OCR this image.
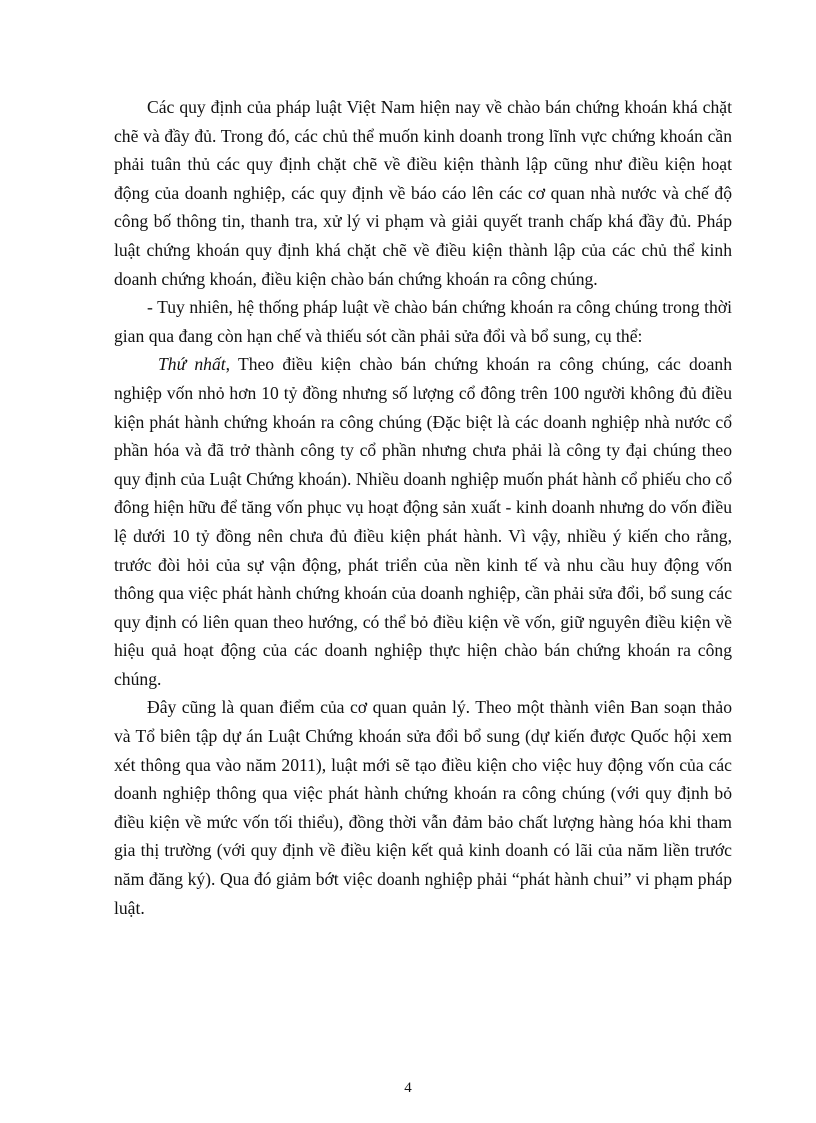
Các quy định của pháp luật Việt Nam hiện nay về chào bán chứng khoán khá chặt chẽ và đầy đủ. Trong đó, các chủ thể muốn kinh doanh trong lĩnh vực chứng khoán cần phải tuân thủ các quy định chặt chẽ về điều kiện thành lập cũng như điều kiện hoạt động của doanh nghiệp, các quy định về báo cáo lên các cơ quan nhà nước và chế độ công bố thông tin, thanh tra, xử lý vi phạm và giải quyết tranh chấp khá đầy đủ. Pháp luật chứng khoán quy định khá chặt chẽ về điều kiện thành lập của các chủ thể kinh doanh chứng khoán, điều kiện chào bán chứng khoán ra công chúng.

- Tuy nhiên, hệ thống pháp luật về chào bán chứng khoán ra công chúng trong thời gian qua đang còn hạn chế và thiếu sót cần phải sửa đổi và bổ sung, cụ thể:

Thứ nhất, Theo điều kiện chào bán chứng khoán ra công chúng, các doanh nghiệp vốn nhỏ hơn 10 tỷ đồng nhưng số lượng cổ đông trên 100 người không đủ điều kiện phát hành chứng khoán ra công chúng (Đặc biệt là các doanh nghiệp nhà nước cổ phần hóa và đã trở thành công ty cổ phần nhưng chưa phải là công ty đại chúng theo quy định của Luật Chứng khoán). Nhiều doanh nghiệp muốn phát hành cổ phiếu cho cổ đông hiện hữu để tăng vốn phục vụ hoạt động sản xuất - kinh doanh nhưng do vốn điều lệ dưới 10 tỷ đồng nên chưa đủ điều kiện phát hành. Vì vậy, nhiều ý kiến cho rằng, trước đòi hỏi của sự vận động, phát triển của nền kinh tế và nhu cầu huy động vốn thông qua việc phát hành chứng khoán của doanh nghiệp, cần phải sửa đổi, bổ sung các quy định có liên quan theo hướng, có thể bỏ điều kiện về vốn, giữ nguyên điều kiện về hiệu quả hoạt động của các doanh nghiệp thực hiện chào bán chứng khoán ra công chúng.

Đây cũng là quan điểm của cơ quan quản lý. Theo một thành viên Ban soạn thảo và Tổ biên tập dự án Luật Chứng khoán sửa đổi bổ sung (dự kiến được Quốc hội xem xét thông qua vào năm 2011), luật mới sẽ tạo điều kiện cho việc huy động vốn của các doanh nghiệp thông qua việc phát hành chứng khoán ra công chúng (với quy định bỏ điều kiện về mức vốn tối thiểu), đồng thời vẫn đảm bảo chất lượng hàng hóa khi tham gia thị trường (với quy định về điều kiện kết quả kinh doanh có lãi của năm liền trước năm đăng ký). Qua đó giảm bớt việc doanh nghiệp phải “phát hành chui” vi phạm pháp luật.

4
